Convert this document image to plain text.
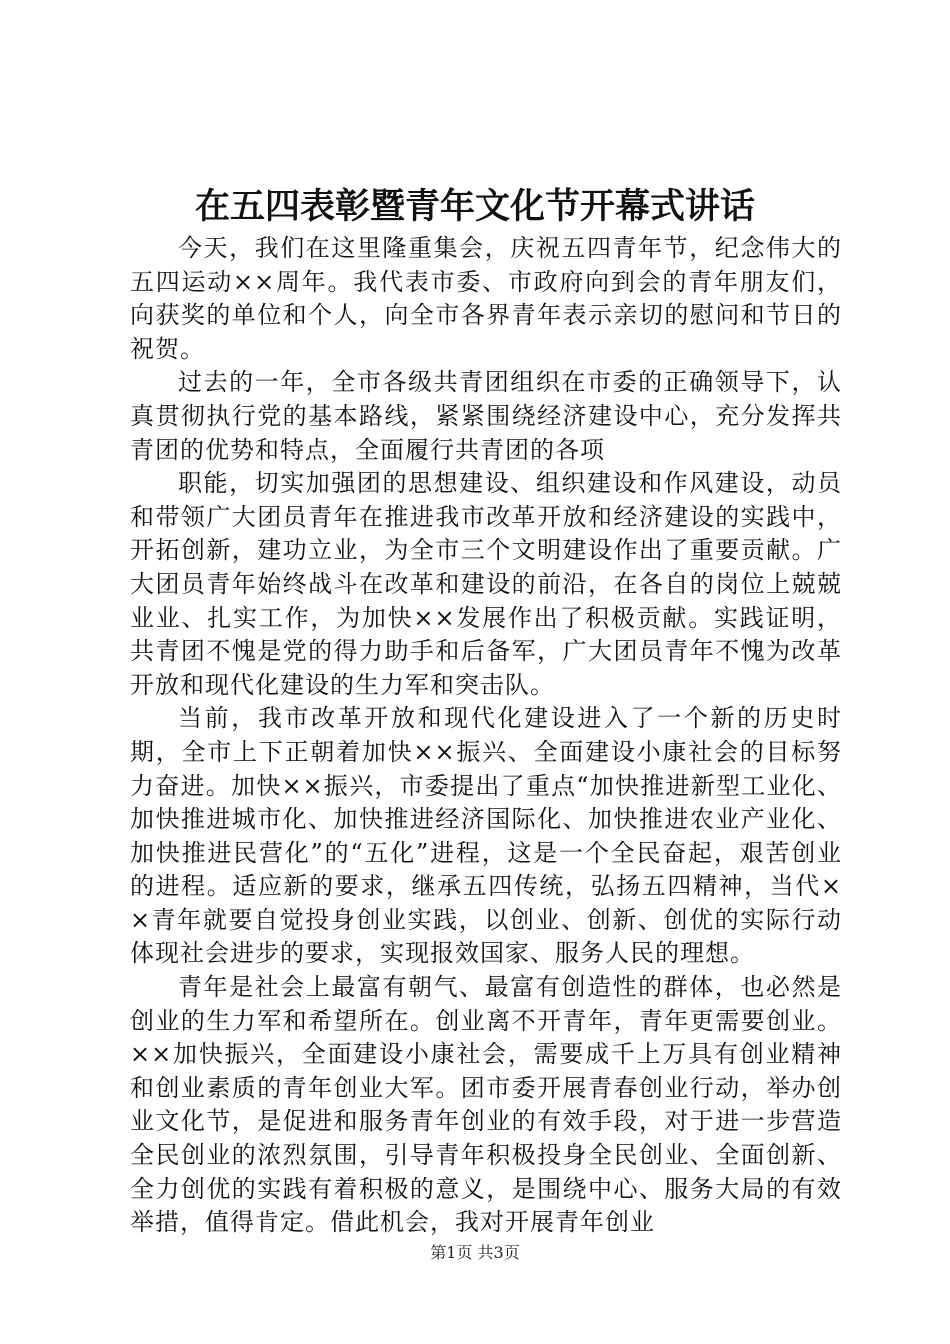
在五四表彰暨青年文化节开幕式讲话

今天，我们在这里隆重集会，庆祝五四青年节，纪念伟大的五四运动××周年。我代表市委、市政府向到会的青年朋友们，向获奖的单位和个人，向全市各界青年表示亲切的慰问和节日的祝贺。

过去的一年，全市各级共青团组织在市委的正确领导下，认真贯彻执行党的基本路线，紧紧围绕经济建设中心，充分发挥共青团的优势和特点，全面履行共青团的各项

职能，切实加强团的思想建设、组织建设和作风建设，动员和带领广大团员青年在推进我市改革开放和经济建设的实践中，开拓创新，建功立业，为全市三个文明建设作出了重要贡献。广大团员青年始终战斗在改革和建设的前沿，在各自的岗位上兢兢业业、扎实工作，为加快××发展作出了积极贡献。实践证明，共青团不愧是党的得力助手和后备军，广大团员青年不愧为改革开放和现代化建设的生力军和突击队。

当前，我市改革开放和现代化建设进入了一个新的历史时期，全市上下正朝着加快××振兴、全面建设小康社会的目标努力奋进。加快××振兴，市委提出了重点“加快推进新型工业化、加快推进城市化、加快推进经济国际化、加快推进农业产业化、加快推进民营化”的“五化”进程，这是一个全民奋起，艰苦创业的进程。适应新的要求，继承五四传统，弘扬五四精神，当代××青年就要自觉投身创业实践，以创业、创新、创优的实际行动体现社会进步的要求，实现报效国家、服务人民的理想。

青年是社会上最富有朝气、最富有创造性的群体，也必然是创业的生力军和希望所在。创业离不开青年，青年更需要创业。××加快振兴，全面建设小康社会，需要成千上万具有创业精神和创业素质的青年创业大军。团市委开展青春创业行动，举办创业文化节，是促进和服务青年创业的有效手段，对于进一步营造全民创业的浓烈氛围，引导青年积极投身全民创业、全面创新、全力创优的实践有着积极的意义，是围绕中心、服务大局的有效举措，值得肯定。借此机会，我对开展青年创业

第1页 共3页
